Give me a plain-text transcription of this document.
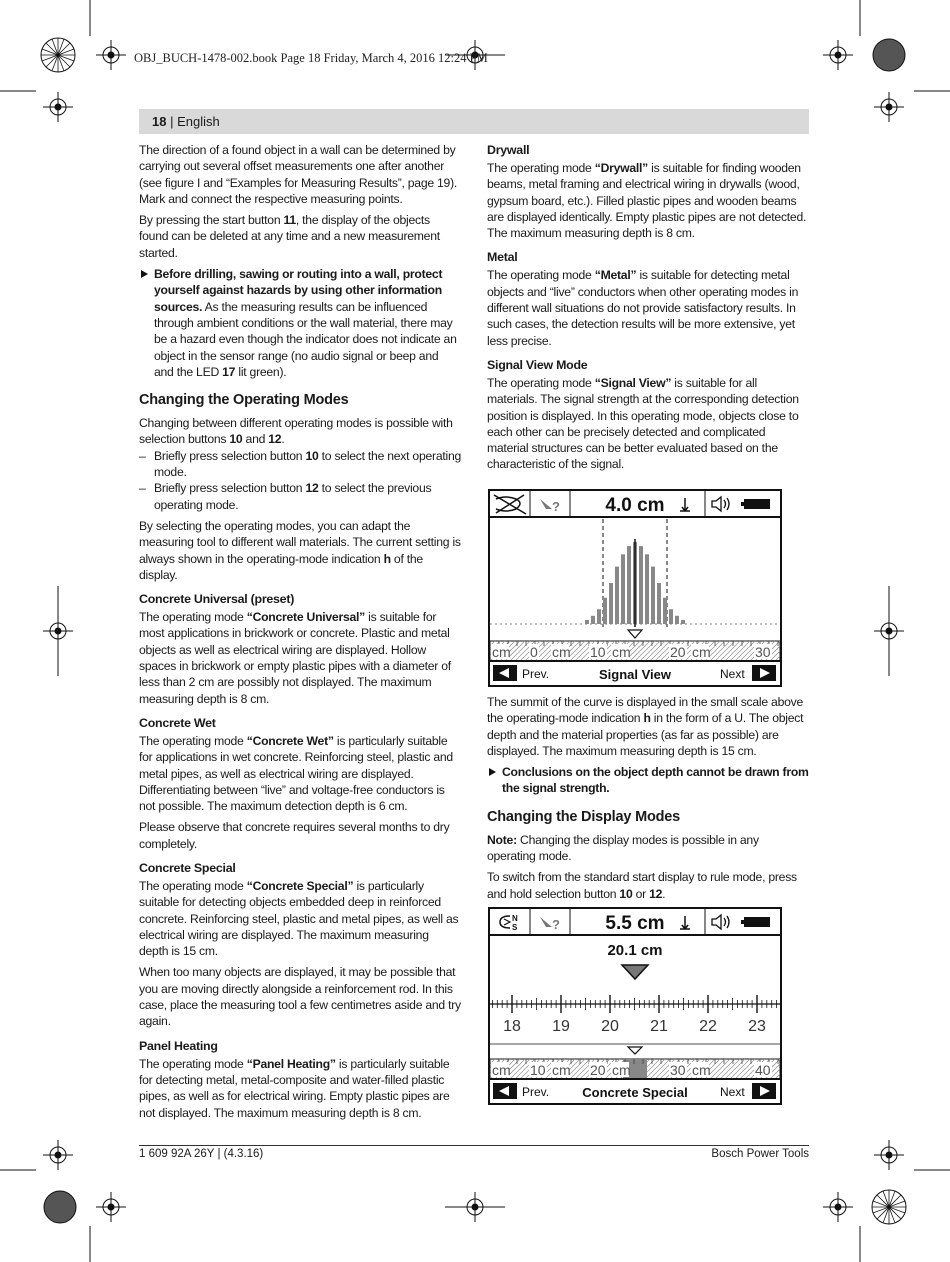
OBJ_BUCH-1478-002.book Page 18 Friday, March 4, 2016 12:24 PM
18 | English

The direction of a found object in a wall can be determined by carrying out several offset measurements one after another (see figure I and “Examples for Measuring Results”, page 19). Mark and connect the respective measuring points.

By pressing the start button 11, the display of the objects found can be deleted at any time and a new measurement started.

Before drilling, sawing or routing into a wall, protect yourself against hazards by using other information sources. As the measuring results can be influenced through ambient conditions or the wall material, there may be a hazard even though the indicator does not indicate an object in the sensor range (no audio signal or beep and and the LED 17 lit green).
Changing the Operating Modes

Changing between different operating modes is possible with selection buttons 10 and 12.

– Briefly press selection button 10 to select the next operating mode.
– Briefly press selection button 12 to select the previous operating mode.

By selecting the operating modes, you can adapt the measuring tool to different wall materials. The current setting is always shown in the operating-mode indication h of the display.

Concrete Universal (preset)

The operating mode “Concrete Universal” is suitable for most applications in brickwork or concrete. Plastic and metal objects as well as electrical wiring are displayed. Hollow spaces in brickwork or empty plastic pipes with a diameter of less than 2 cm are possibly not displayed. The maximum measuring depth is 8 cm.

Concrete Wet

The operating mode “Concrete Wet” is particularly suitable for applications in wet concrete. Reinforcing steel, plastic and metal pipes, as well as electrical wiring are displayed. Differentiating between “live” and voltage-free conductors is not possible. The maximum detection depth is 6 cm.

Please observe that concrete requires several months to dry completely.

Concrete Special

The operating mode “Concrete Special” is particularly suitable for detecting objects embedded deep in reinforced concrete. Reinforcing steel, plastic and metal pipes, as well as electrical wiring are displayed. The maximum measuring depth is 15 cm.

When too many objects are displayed, it may be possible that you are moving directly alongside a reinforcement rod. In this case, place the measuring tool a few centimetres aside and try again.

Panel Heating

The operating mode “Panel Heating” is particularly suitable for detecting metal, metal-composite and water-filled plastic pipes, as well as for electrical wiring. Empty plastic pipes are not displayed. The maximum measuring depth is 8 cm.

Drywall

The operating mode “Drywall” is suitable for finding wooden beams, metal framing and electrical wiring in drywalls (wood, gypsum board, etc.). Filled plastic pipes and wooden beams are displayed identically. Empty plastic pipes are not detected. The maximum measuring depth is 8 cm.

Metal

The operating mode “Metal” is suitable for detecting metal objects and “live” conductors when other operating modes in different wall situations do not provide satisfactory results. In such cases, the detection results will be more extensive, yet less precise.

Signal View Mode

The operating mode “Signal View” is suitable for all materials. The signal strength at the corresponding detection position is displayed. In this operating mode, objects close to each other can be precisely detected and complicated material structures can be better evaluated based on the characteristic of the signal.

? 4.0 cm
cm 0 cm 10 cm	20 cm	30
Prev.	Signal View	Next

The summit of the curve is displayed in the small scale above the operating-mode indication h in the form of a U. The object depth and the material properties (as far as possible) are displayed. The maximum measuring depth is 15 cm.

Conclusions on the object depth cannot be drawn from the signal strength.
Changing the Display Modes

Note: Changing the display modes is possible in any operating mode.

To switch from the standard start display to rule mode, press and hold selection button 10 or 12.

N
S	? 5.5 cm
20.1 cm
18 19 20 21 22 23
cm 10 cm 20 cm	30 cm	40
Prev.	Concrete Special	Next
1 609 92A 26Y | (4.3.16)	Bosch Power Tools
